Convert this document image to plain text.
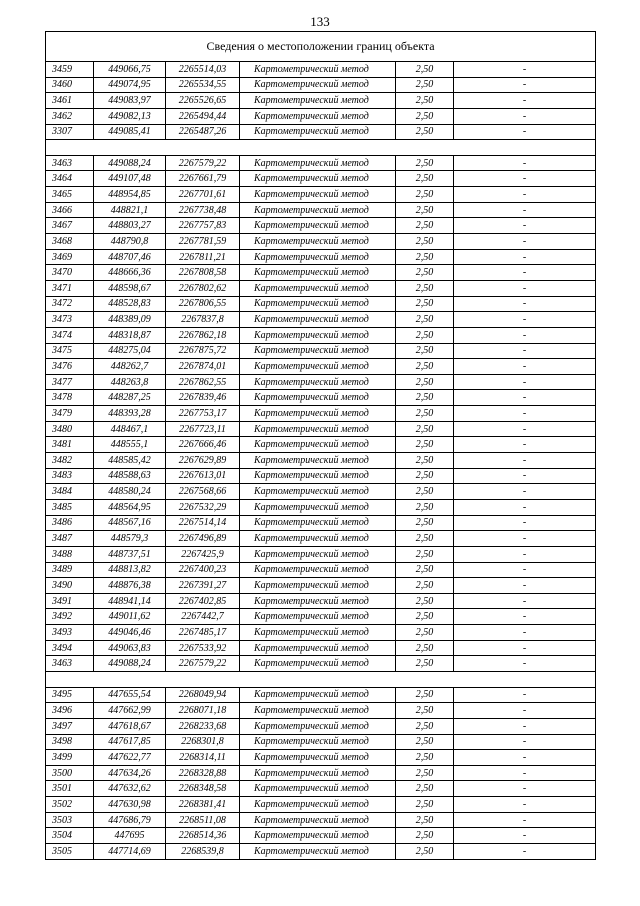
133
Сведения о местоположении границ объекта					
3459	449066,75	2265514,03	Картометрический метод	2,50	-
3460	449074,95	2265534,55	Картометрический метод	2,50	-
3461	449083,97	2265526,65	Картометрический метод	2,50	-
3462	449082,13	2265494,44	Картометрический метод	2,50	-
3307	449085,41	2265487,26	Картометрический метод	2,50	-

3463	449088,24	2267579,22	Картометрический метод	2,50	-
3464	449107,48	2267661,79	Картометрический метод	2,50	-
3465	448954,85	2267701,61	Картометрический метод	2,50	-
3466	448821,1	2267738,48	Картометрический метод	2,50	-
3467	448803,27	2267757,83	Картометрический метод	2,50	-
3468	448790,8	2267781,59	Картометрический метод	2,50	-
3469	448707,46	2267811,21	Картометрический метод	2,50	-
3470	448666,36	2267808,58	Картометрический метод	2,50	-
3471	448598,67	2267802,62	Картометрический метод	2,50	-
3472	448528,83	2267806,55	Картометрический метод	2,50	-
3473	448389,09	2267837,8	Картометрический метод	2,50	-
3474	448318,87	2267862,18	Картометрический метод	2,50	-
3475	448275,04	2267875,72	Картометрический метод	2,50	-
3476	448262,7	2267874,01	Картометрический метод	2,50	-
3477	448263,8	2267862,55	Картометрический метод	2,50	-
3478	448287,25	2267839,46	Картометрический метод	2,50	-
3479	448393,28	2267753,17	Картометрический метод	2,50	-
3480	448467,1	2267723,11	Картометрический метод	2,50	-
3481	448555,1	2267666,46	Картометрический метод	2,50	-
3482	448585,42	2267629,89	Картометрический метод	2,50	-
3483	448588,63	2267613,01	Картометрический метод	2,50	-
3484	448580,24	2267568,66	Картометрический метод	2,50	-
3485	448564,95	2267532,29	Картометрический метод	2,50	-
3486	448567,16	2267514,14	Картометрический метод	2,50	-
3487	448579,3	2267496,89	Картометрический метод	2,50	-
3488	448737,51	2267425,9	Картометрический метод	2,50	-
3489	448813,82	2267400,23	Картометрический метод	2,50	-
3490	448876,38	2267391,27	Картометрический метод	2,50	-
3491	448941,14	2267402,85	Картометрический метод	2,50	-
3492	449011,62	2267442,7	Картометрический метод	2,50	-
3493	449046,46	2267485,17	Картометрический метод	2,50	-
3494	449063,83	2267533,92	Картометрический метод	2,50	-
3463	449088,24	2267579,22	Картометрический метод	2,50	-

3495	447655,54	2268049,94	Картометрический метод	2,50	-
3496	447662,99	2268071,18	Картометрический метод	2,50	-
3497	447618,67	2268233,68	Картометрический метод	2,50	-
3498	447617,85	2268301,8	Картометрический метод	2,50	-
3499	447622,77	2268314,11	Картометрический метод	2,50	-
3500	447634,26	2268328,88	Картометрический метод	2,50	-
3501	447632,62	2268348,58	Картометрический метод	2,50	-
3502	447630,98	2268381,41	Картометрический метод	2,50	-
3503	447686,79	2268511,08	Картометрический метод	2,50	-
3504	447695	2268514,36	Картометрический метод	2,50	-
3505	447714,69	2268539,8	Картометрический метод	2,50	-
